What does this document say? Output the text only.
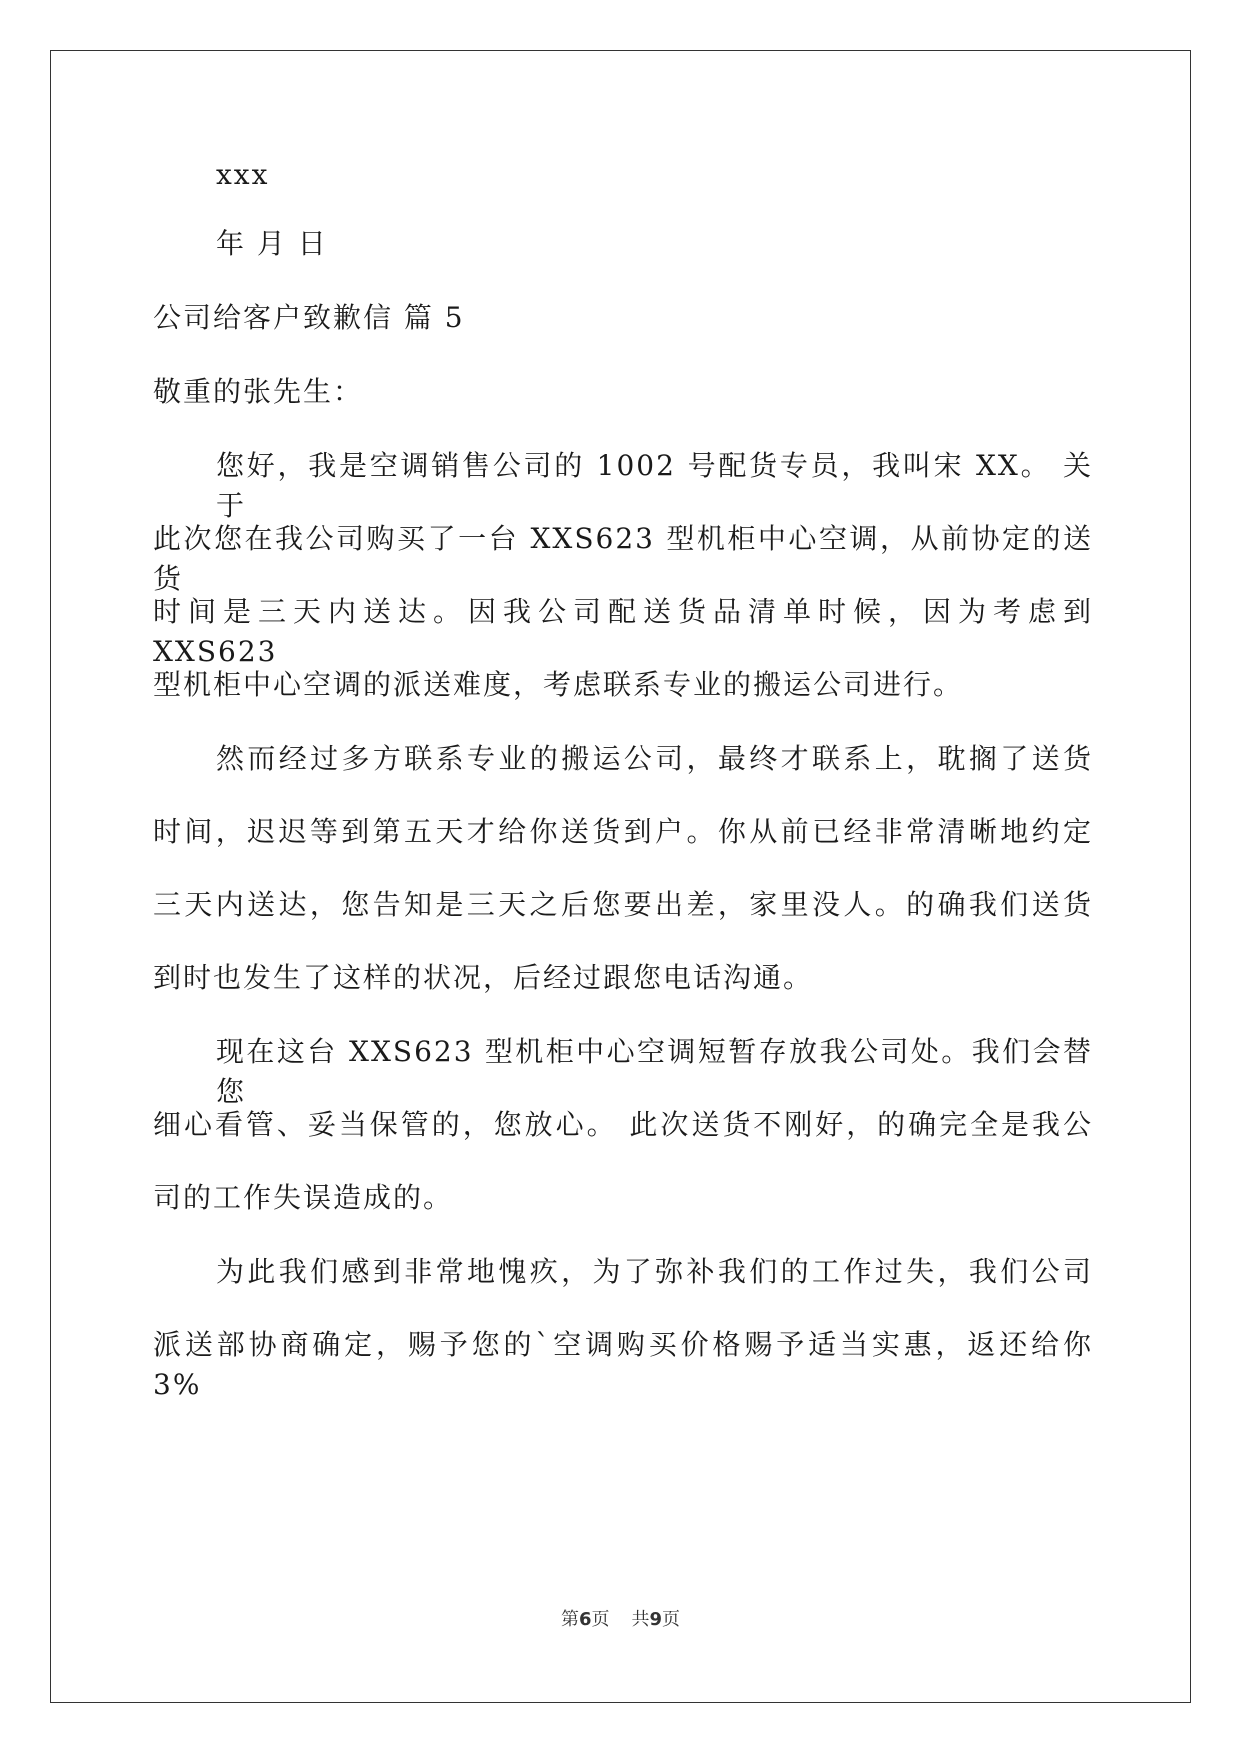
xxx
年 月 日
公司给客户致歉信 篇 5
敬重的张先生：
您好，我是空调销售公司的 1002 号配货专员，我叫宋 XX。 关于
此次您在我公司购买了一台 XXS623 型机柜中心空调，从前协定的送货
时间是三天内送达。因我公司配送货品清单时候，因为考虑到 XXS623
型机柜中心空调的派送难度，考虑联系专业的搬运公司进行。
然而经过多方联系专业的搬运公司，最终才联系上，耽搁了送货
时间，迟迟等到第五天才给你送货到户。你从前已经非常清晰地约定
三天内送达，您告知是三天之后您要出差，家里没人。的确我们送货
到时也发生了这样的状况，后经过跟您电话沟通。
现在这台 XXS623 型机柜中心空调短暂存放我公司处。我们会替您
细心看管、妥当保管的，您放心。 此次送货不刚好，的确完全是我公
司的工作失误造成的。
为此我们感到非常地愧疚，为了弥补我们的工作过失，我们公司
派送部协商确定，赐予您的`空调购买价格赐予适当实惠，返还给你 3%
第6页 共9页
